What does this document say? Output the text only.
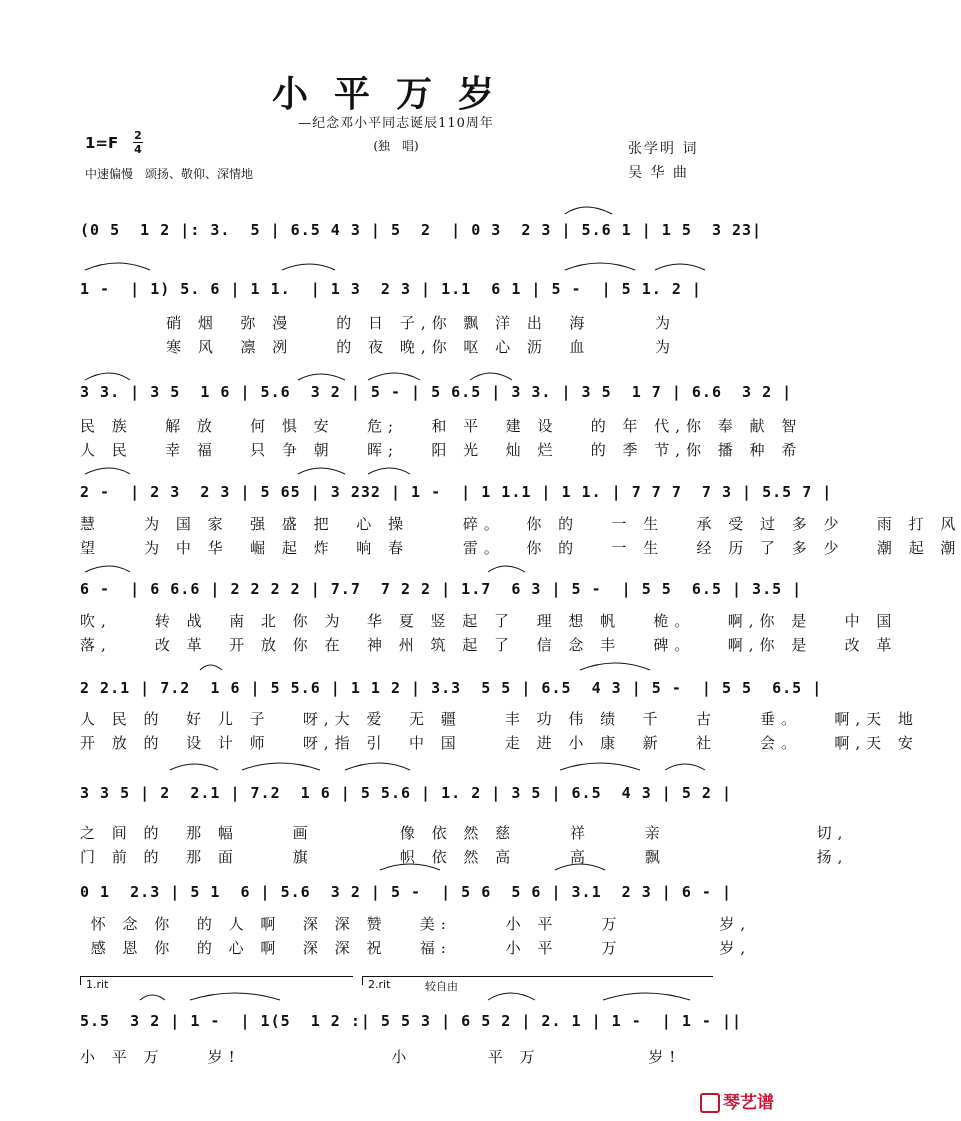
小平万岁
—纪念邓小平同志诞辰110周年
(独　唱)
1=F 2
4
中速偏慢　颂扬、敬仰、深情地
张学明 词
吴 华 曲
(0 5  1 2 |: 3.  5 | 6.5 4 3 | 5  2  | 0 3  2 3 | 5.6 1 | 1 5  3 23|
1 -  | 1) 5. 6 | 1 1.  | 1 3  2 3 | 1.1  6 1 | 5 -  | 5 1. 2 |
硝 烟  弥 漫    的 日 子,你 飘 洋 出  海      为
寒 风  凛 冽    的 夜 晚,你 呕 心 沥  血      为
3 3. | 3 5  1 6 | 5.6  3 2 | 5 - | 5 6.5 | 3 3. | 3 5  1 7 | 6.6  3 2 |
民 族   解 放   何 惧 安   危;   和 平  建 设   的 年 代,你 奉 献 智
人 民   幸 福   只 争 朝   晖;   阳 光  灿 烂   的 季 节,你 播 种 希
2 -  | 2 3  2 3 | 5 65 | 3 232 | 1 -  | 1 1.1 | 1 1. | 7 7 7  7 3 | 5.5 7 |
慧    为 国 家  强 盛 把  心 操     碎。  你 的   一 生   承 受 过 多 少   雨 打 风
望    为 中 华  崛 起 炸  响 春     雷。  你 的   一 生   经 历 了 多 少   潮 起 潮
6 -  | 6 6.6 | 2 2 2 2 | 7.7  7 2 2 | 1.7  6 3 | 5 -  | 5 5  6.5 | 3.5 |
吹,    转 战  南 北 你 为  华 夏 竖 起 了  理 想 帆   桅。   啊,你 是   中 国
落,    改 革  开 放 你 在  神 州 筑 起 了  信 念 丰   碑。   啊,你 是   改 革
2 2.1 | 7.2  1 6 | 5 5.6 | 1 1 2 | 3.3  5 5 | 6.5  4 3 | 5 -  | 5 5  6.5 |
人 民 的  好 儿 子   呀,大 爱  无 疆    丰 功 伟 绩  千   古    垂。   啊,天 地
开 放 的  设 计 师   呀,指 引  中 国    走 进 小 康  新   社    会。   啊,天 安
3 3 5 | 2  2.1 | 7.2  1 6 | 5 5.6 | 1. 2 | 3 5 | 6.5  4 3 | 5 2 |
之 间 的  那 幅     画        像 依 然 慈     祥     亲              切,
门 前 的  那 面     旗        帜 依 然 高     高     飘              扬,
0 1  2.3 | 5 1  6 | 5.6  3 2 | 5 -  | 5 6  5 6 | 3.1  2 3 | 6 - |
怀 念 你  的 人 啊  深 深 赞   美:     小 平    万         岁,
感 恩 你  的 心 啊  深 深 祝   福:     小 平    万         岁,
1.rit	2.rit	较自由
5.5  3 2 | 1 -  | 1(5  1 2 :| 5 5 3 | 6 5 2 | 2. 1 | 1 -  | 1 - ||
小 平 万    岁!              小       平 万          岁!
琴艺谱
